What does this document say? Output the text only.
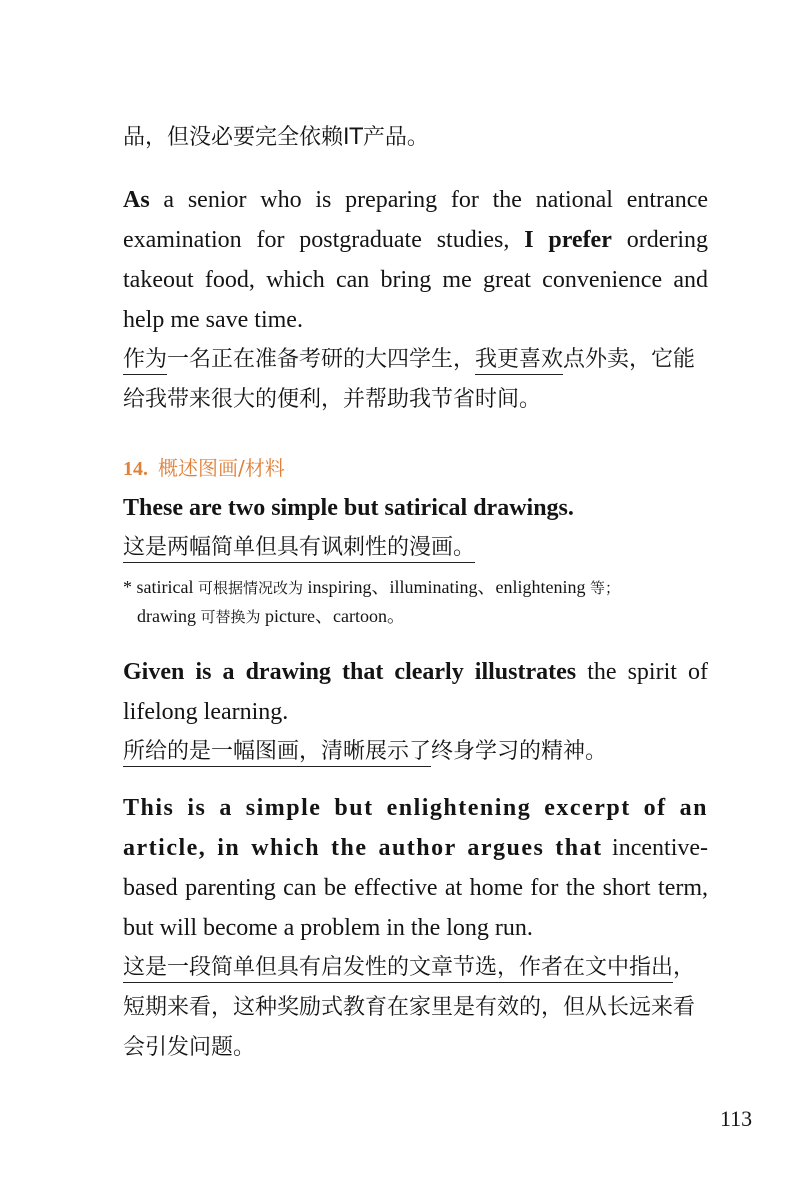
品，但没必要完全依赖IT产品。

As a senior who is preparing for the national entrance examination for postgraduate studies, I prefer ordering takeout food, which can bring me great convenience and help me save time.

作为一名正在准备考研的大四学生，我更喜欢点外卖，它能给我带来很大的便利，并帮助我节省时间。

14. 概述图画/材料

These are two simple but satirical drawings.

这是两幅简单但具有讽刺性的漫画。

* satirical 可根据情况改为 inspiring、illuminating、enlightening 等；

drawing 可替换为 picture、cartoon。

Given is a drawing that clearly illustrates the spirit of lifelong learning.

所给的是一幅图画，清晰展示了终身学习的精神。

This is a simple but enlightening excerpt of an article, in which the author argues that incentive-based parenting can be effective at home for the short term, but will become a problem in the long run.

这是一段简单但具有启发性的文章节选，作者在文中指出，短期来看，这种奖励式教育在家里是有效的，但从长远来看会引发问题。

113
